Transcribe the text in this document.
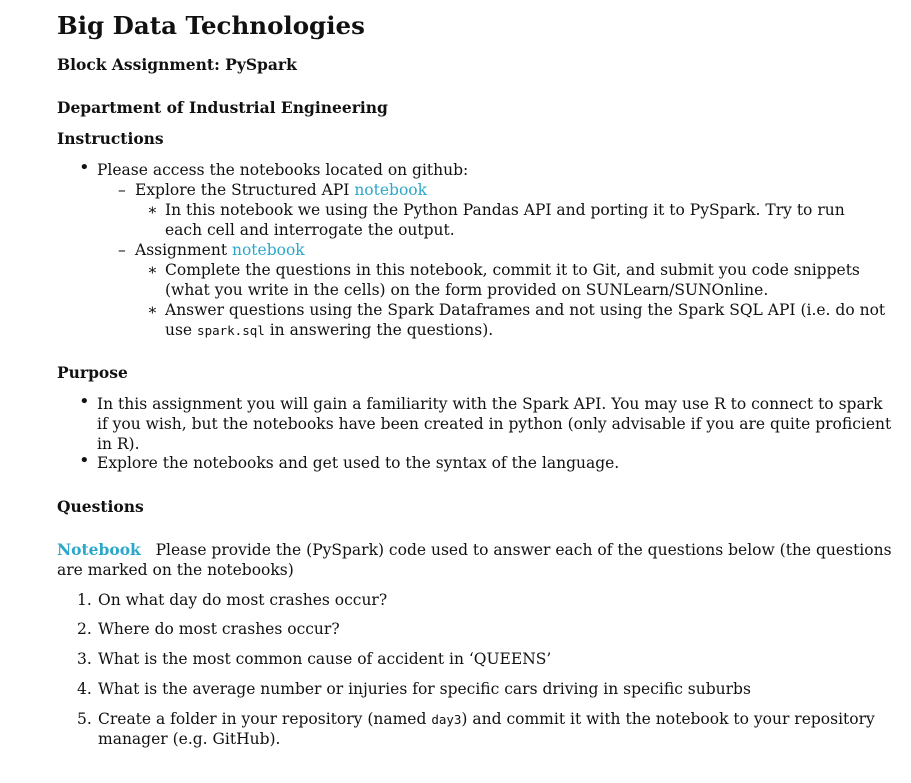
Big Data Technologies
Block Assignment: PySpark
Department of Industrial Engineering
Instructions
• Please access the notebooks located on github:
– Explore the Structured API notebook
∗ In this notebook we using the Python Pandas API and porting it to PySpark. Try to run
each cell and interrogate the output.
– Assignment notebook
∗ Complete the questions in this notebook, commit it to Git, and submit you code snippets
(what you write in the cells) on the form provided on SUNLearn/SUNOnline.
∗ Answer questions using the Spark Dataframes and not using the Spark SQL API (i.e. do not
use spark.sql in answering the questions).
Purpose
• In this assignment you will gain a familiarity with the Spark API. You may use R to connect to spark
if you wish, but the notebooks have been created in python (only advisable if you are quite proficient
in R).
• Explore the notebooks and get used to the syntax of the language.
Questions
Notebook Please provide the (PySpark) code used to answer each of the questions below (the questions
are marked on the notebooks)
1. On what day do most crashes occur?
2. Where do most crashes occur?
3. What is the most common cause of accident in ‘QUEENS’
4. What is the average number or injuries for specific cars driving in specific suburbs
5. Create a folder in your repository (named day3) and commit it with the notebook to your repository
manager (e.g. GitHub).
